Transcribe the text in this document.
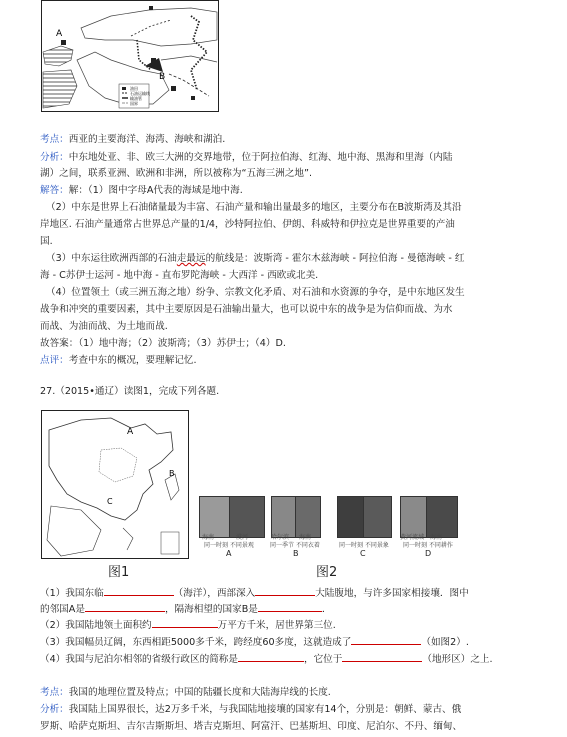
A
B
油田
石油运输线
输油管
国界
考点：西亚的主要海洋、海湾、海峡和湖泊.
分析：中东地处亚、非、欧三大洲的交界地带，位于阿拉伯海、红海、地中海、黑海和里海（内陆
湖）之间，联系亚洲、欧洲和非洲，所以被称为“五海三洲之地”.
解答：解：（1）图中字母A代表的海域是地中海.
（2）中东是世界上石油储量最为丰富、石油产量和输出量最多的地区，主要分布在B波斯湾及其沿
岸地区. 石油产量通常占世界总产量的1/4，沙特阿拉伯、伊朗、科威特和伊拉克是世界重要的产油
国.
（3）中东运往欧洲西部的石油走最远的航线是：波斯湾 - 霍尔木兹海峡 - 阿拉伯海 - 曼德海峡 - 红
海 - C苏伊士运河 - 地中海 - 直布罗陀海峡 - 大西洋 - 西欧或北美.
（4）位置领土（或三洲五海之地）纷争、宗教文化矛盾、对石油和水资源的争夺，是中东地区发生
战争和冲突的重要因素，其中主要原因是石油输出量大，也可以说中东的战争是为信仰而战、为水
而战、为油而战、为土地而战.
故答案：（1）地中海；（2）波斯湾；（3）苏伊士；（4）D.
点评：考查中东的概况，要理解记忆.
27.（2015•通辽）读图1，完成下列各题.
A
B
C
海南	漠河	哈尔滨 海南	黄河流域 海南
同一时刻 不同景观	同一季节 不同衣着	同一时刻 不同景象 同一时刻 不同耕作
A	B	C	D
图1	图2
（1）我国东临	（海洋），西部深入	大陆腹地，与许多国家相接壤．图中
的邻国A是	，隔海相望的国家B是	．
（2）我国陆地领土面积约	万平方千米，居世界第三位.
（3）我国幅员辽阔，东西相距5000多千米，跨经度60多度，这就造成了	（如图2）.
（4）我国与尼泊尔相邻的省级行政区的简称是	，它位于	（地形区）之上.
考点：我国的地理位置及特点；中国的陆疆长度和大陆海岸线的长度.
分析：我国陆上国界很长，达2万多千米，与我国陆地接壤的国家有14个，分别是：朝鲜、蒙古、俄
罗斯、哈萨克斯坦、吉尔吉斯斯坦、塔吉克斯坦、阿富汗、巴基斯坦、印度、尼泊尔、不丹、缅甸、
